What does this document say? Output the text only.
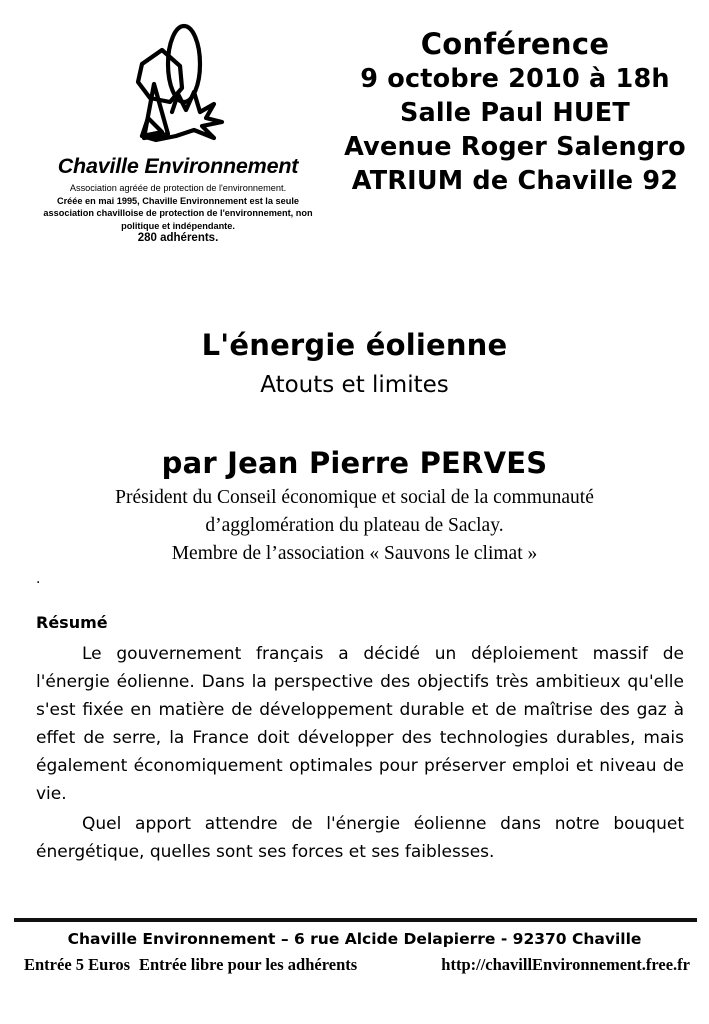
Chaville Environnement
Association agréée de protection de l'environnement.
Créée en mai 1995, Chaville Environnement est la seule
association chavilloise de protection de l'environnement, non
politique et indépendante.
280 adhérents.
Conférence
9 octobre 2010 à 18h
Salle Paul HUET
Avenue Roger Salengro
ATRIUM de Chaville 92
L'énergie éolienne
Atouts et limites
par Jean Pierre PERVES
Président du Conseil économique et social de la communauté
d’agglomération du plateau de Saclay.
Membre de l’association « Sauvons le climat »
.
Résumé

Le gouvernement français a décidé un déploiement massif de l'énergie éolienne. Dans la perspective des objectifs très ambitieux qu'elle s'est fixée en matière de développement durable et de maîtrise des gaz à effet de serre, la France doit développer des technologies durables, mais également économiquement optimales pour préserver emploi et niveau de vie.

Quel apport attendre de l'énergie éolienne dans notre bouquet énergétique, quelles sont ses forces et ses faiblesses.

Chaville Environnement – 6 rue Alcide Delapierre - 92370 Chaville
Entrée 5 Euros Entrée libre pour les adhérents	http://chavillEnvironnement.free.fr
